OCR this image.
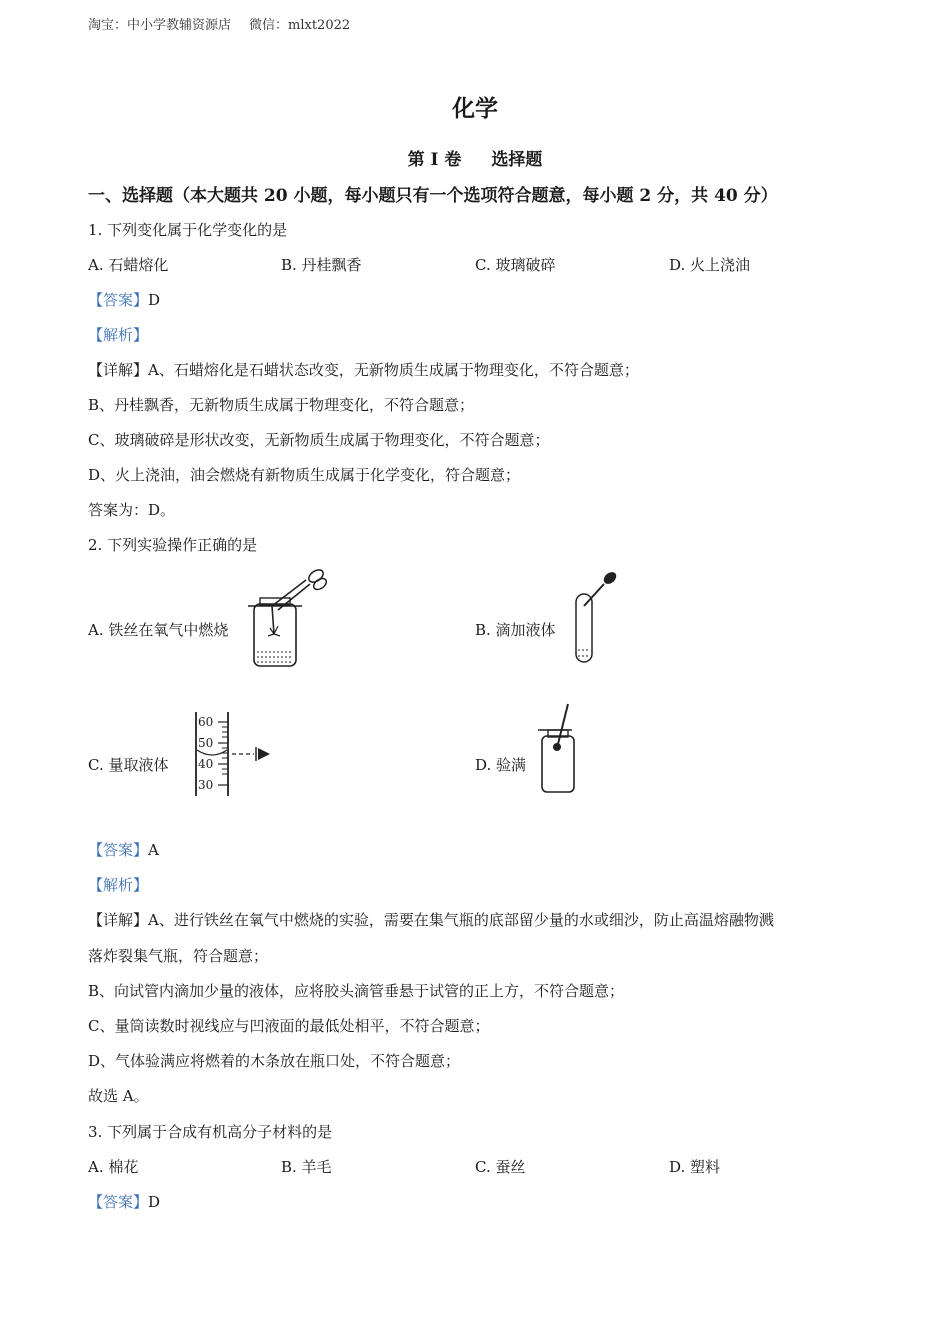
淘宝：中小学教辅资源店 微信：mlxt2022
化学
第 I 卷 选择题
一、选择题（本大题共 20 小题，每小题只有一个选项符合题意，每小题 2 分，共 40 分）
1. 下列变化属于化学变化的是
A. 石蜡熔化	B. 丹桂飘香	C. 玻璃破碎	D. 火上浇油
【答案】D
【解析】
【详解】A、石蜡熔化是石蜡状态改变，无新物质生成属于物理变化，不符合题意；
B、丹桂飘香，无新物质生成属于物理变化，不符合题意；
C、玻璃破碎是形状改变，无新物质生成属于物理变化，不符合题意；
D、火上浇油，油会燃烧有新物质生成属于化学变化，符合题意；
答案为：D。
2. 下列实验操作正确的是
A. 铁丝在氧气中燃烧	B. 滴加液体
C. 量取液体
60
50
40
30
D. 验满
【答案】A
【解析】
【详解】A、进行铁丝在氧气中燃烧的实验，需要在集气瓶的底部留少量的水或细沙，防止高温熔融物溅
落炸裂集气瓶，符合题意；
B、向试管内滴加少量的液体，应将胶头滴管垂悬于试管的正上方，不符合题意；
C、量筒读数时视线应与凹液面的最低处相平，不符合题意；
D、气体验满应将燃着的木条放在瓶口处，不符合题意；
故选 A。
3. 下列属于合成有机高分子材料的是
A. 棉花	B. 羊毛	C. 蚕丝	D. 塑料
【答案】D
